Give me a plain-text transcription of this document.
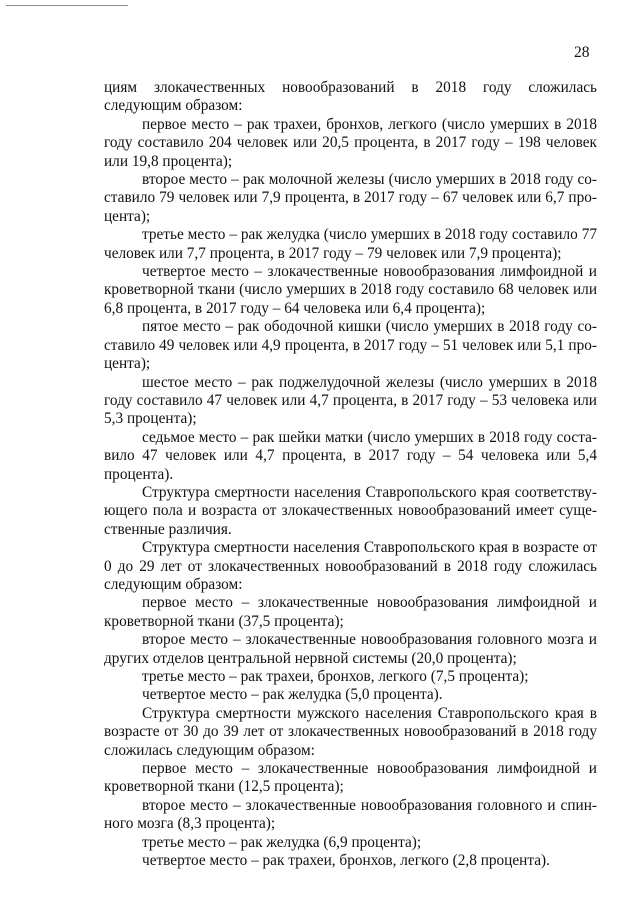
28

циям злокачественных новообразований в 2018 году сложилась следующим образом:

первое место – рак трахеи, бронхов, легкого (число умерших в 2018 году составило 204 человек или 20,5 процента, в 2017 году – 198 человек или 19,8 процента);

второе место – рак молочной железы (число умерших в 2018 году составило 79 человек или 7,9 процента, в 2017 году – 67 человек или 6,7 процента);

третье место – рак желудка (число умерших в 2018 году составило 77 человек или 7,7 процента, в 2017 году – 79 человек или 7,9 процента);

четвертое место – злокачественные новообразования лимфоидной и кроветворной ткани (число умерших в 2018 году составило 68 человек или 6,8 процента, в 2017 году – 64 человека или 6,4 процента);

пятое место – рак ободочной кишки (число умерших в 2018 году составило 49 человек или 4,9 процента, в 2017 году – 51 человек или 5,1 процента);

шестое место – рак поджелудочной железы (число умерших в 2018 году составило 47 человек или 4,7 процента, в 2017 году – 53 человека или 5,3 процента);

седьмое место – рак шейки матки (число умерших в 2018 году составило 47 человек или 4,7 процента, в 2017 году – 54 человека или 5,4 процента).

Структура смертности населения Ставропольского края соответствующего пола и возраста от злокачественных новообразований имеет существенные различия.

Структура смертности населения Ставропольского края в возрасте от 0 до 29 лет от злокачественных новообразований в 2018 году сложилась следующим образом:

первое место – злокачественные новообразования лимфоидной и кроветворной ткани (37,5 процента);

второе место – злокачественные новообразования головного мозга и других отделов центральной нервной системы (20,0 процента);

третье место – рак трахеи, бронхов, легкого (7,5 процента);

четвертое место – рак желудка (5,0 процента).

Структура смертности мужского населения Ставропольского края в возрасте от 30 до 39 лет от злокачественных новообразований в 2018 году сложилась следующим образом:

первое место – злокачественные новообразования лимфоидной и кроветворной ткани (12,5 процента);

второе место – злокачественные новообразования головного и спинного мозга (8,3 процента);

третье место – рак желудка (6,9 процента);

четвертое место – рак трахеи, бронхов, легкого (2,8 процента).
